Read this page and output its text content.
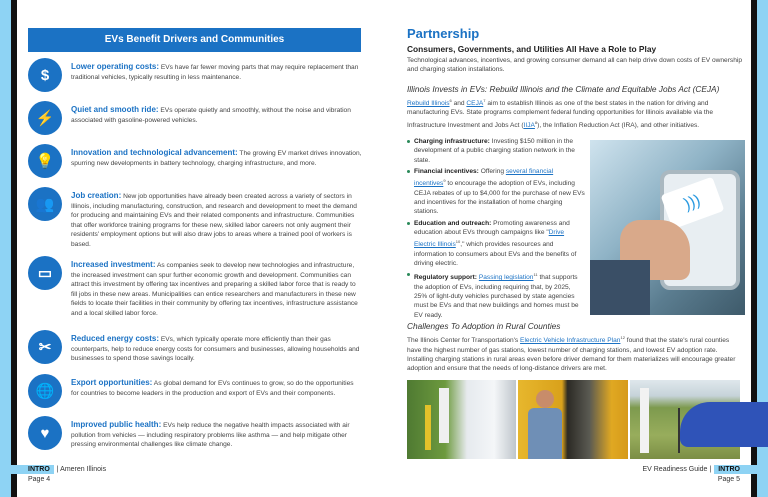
EVs Benefit Drivers and Communities
$	Lower operating costs: EVs have far fewer moving parts that may require replacement than traditional vehicles, typically resulting in less maintenance.
⚡
Quiet and smooth ride: EVs operate quietly and smoothly, without the noise and vibration associated with gasoline-powered vehicles.
💡
Innovation and technological advancement: The growing EV market drives innovation, spurring new developments in battery technology, charging infrastructure, and more.
👥
Job creation: New job opportunities have already been created across a variety of sectors in Illinois, including manufacturing, construction, and research and development to meet the demand for producing and maintaining EVs and their related components and infrastructure. Communities that offer workforce training programs for these new, skilled labor careers not only augment their residents' employment options but will also draw jobs to areas where a trained pool of workers is based.
▭
Increased investment: As companies seek to develop new technologies and infrastructure, the increased investment can spur further economic growth and development. Communities can attract this investment by offering tax incentives and preparing a skilled labor force that is ready to fill jobs in these new areas. Municipalities can entice researchers and manufacturers in these new fields to locate their facilities in their community by offering tax incentives, infrastructure assistance and a local skilled labor force.
✂
Reduced energy costs: EVs, which typically operate more efficiently than their gas counterparts, help to reduce energy costs for consumers and businesses, allowing households and businesses to spend those savings locally.
🌐
Export opportunities: As global demand for EVs continues to grow, so do the opportunities for countries to become leaders in the production and export of EVs and their components.
♥	Improved public health: EVs help reduce the negative health impacts associated with air pollution from vehicles — including respiratory problems like asthma — and help mitigate other pressing environmental challenges like climate change.
INTRO	| Ameren Illinois
Page 4
Partnership
Consumers, Governments, and Utilities All Have a Role to Play
Technological advances, incentives, and growing consumer demand all can help drive down costs of EV ownership and charging station installations.
Illinois Invests in EVs: Rebuild Illinois and the Climate and Equitable Jobs Act (CEJA)
Rebuild Illinois$^6$ and CEJA$^7$ aim to establish Illinois as one of the best states in the nation for driving and manufacturing EVs. State programs complement federal funding opportunities for Illinois available via the Infrastructure Investment and Jobs Act (IIJA$^8$), the Inflation Reduction Act (IRA), and other initiatives.
Charging infrastructure: Investing $150 million in the development of a public charging station network in the state.
Financial incentives: Offering several financial incentives$^9$ to encourage the adoption of EVs, including CEJA rebates of up to $4,000 for the purchase of new EVs and incentives for the installation of home charging stations.
Education and outreach: Promoting awareness and education about EVs through campaigns like "Drive Electric Illinois$^{10}$," which provides resources and information to consumers about EVs and the benefits of driving electric.
Regulatory support: Passing legislation$^{11}$ that supports the adoption of EVs, including requiring that, by 2025, 25% of light-duty vehicles purchased by state agencies must be EVs and that new buildings and homes must be EV ready.
)))
Challenges To Adoption in Rural Counties
The Illinois Center for Transportation's Electric Vehicle Infrastructure Plan$^{12}$ found that the state's rural counties have the highest number of gas stations, lowest number of charging stations, and lowest EV adoption rate. Installing charging stations in rural areas even before driver demand for them materializes will encourage greater adoption and ensure that the needs of long-distance drivers are met.
EV Readiness Guide |	INTRO
Page 5
